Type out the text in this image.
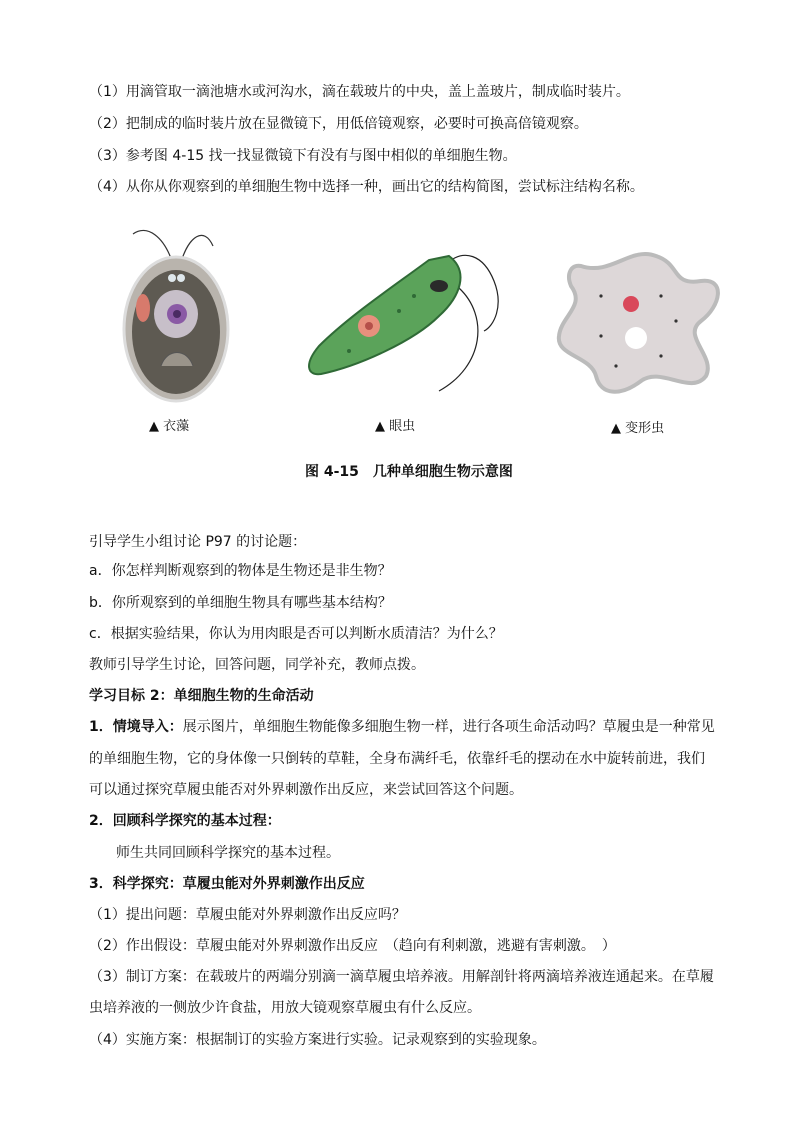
（1）用滴管取一滴池塘水或河沟水，滴在载玻片的中央，盖上盖玻片，制成临时装片。
（2）把制成的临时装片放在显微镜下，用低倍镜观察，必要时可换高倍镜观察。
（3）参考图 4-15 找一找显微镜下有没有与图中相似的单细胞生物。
（4）从你从你观察到的单细胞生物中选择一种，画出它的结构简图，尝试标注结构名称。
▲ 衣藻	▲ 眼虫	▲ 变形虫
图 4-15 几种单细胞生物示意图
引导学生小组讨论 P97 的讨论题：
a．你怎样判断观察到的物体是生物还是非生物？
b．你所观察到的单细胞生物具有哪些基本结构？
c．根据实验结果，你认为用肉眼是否可以判断水质清洁？为什么？
教师引导学生讨论，回答问题，同学补充，教师点拨。
学习目标 2：单细胞生物的生命活动
1．情境导入：展示图片，单细胞生物能像多细胞生物一样，进行各项生命活动吗？草履虫是一种常见
的单细胞生物，它的身体像一只倒转的草鞋，全身布满纤毛，依靠纤毛的摆动在水中旋转前进，我们
可以通过探究草履虫能否对外界刺激作出反应，来尝试回答这个问题。
2．回顾科学探究的基本过程：
师生共同回顾科学探究的基本过程。
3．科学探究：草履虫能对外界刺激作出反应
（1）提出问题：草履虫能对外界刺激作出反应吗？
（2）作出假设：草履虫能对外界刺激作出反应　（趋向有利刺激，逃避有害刺激。　）
（3）制订方案：在载玻片的两端分别滴一滴草履虫培养液。用解剖针将两滴培养液连通起来。在草履
虫培养液的一侧放少许食盐，用放大镜观察草履虫有什么反应。
（4）实施方案：根据制订的实验方案进行实验。记录观察到的实验现象。
